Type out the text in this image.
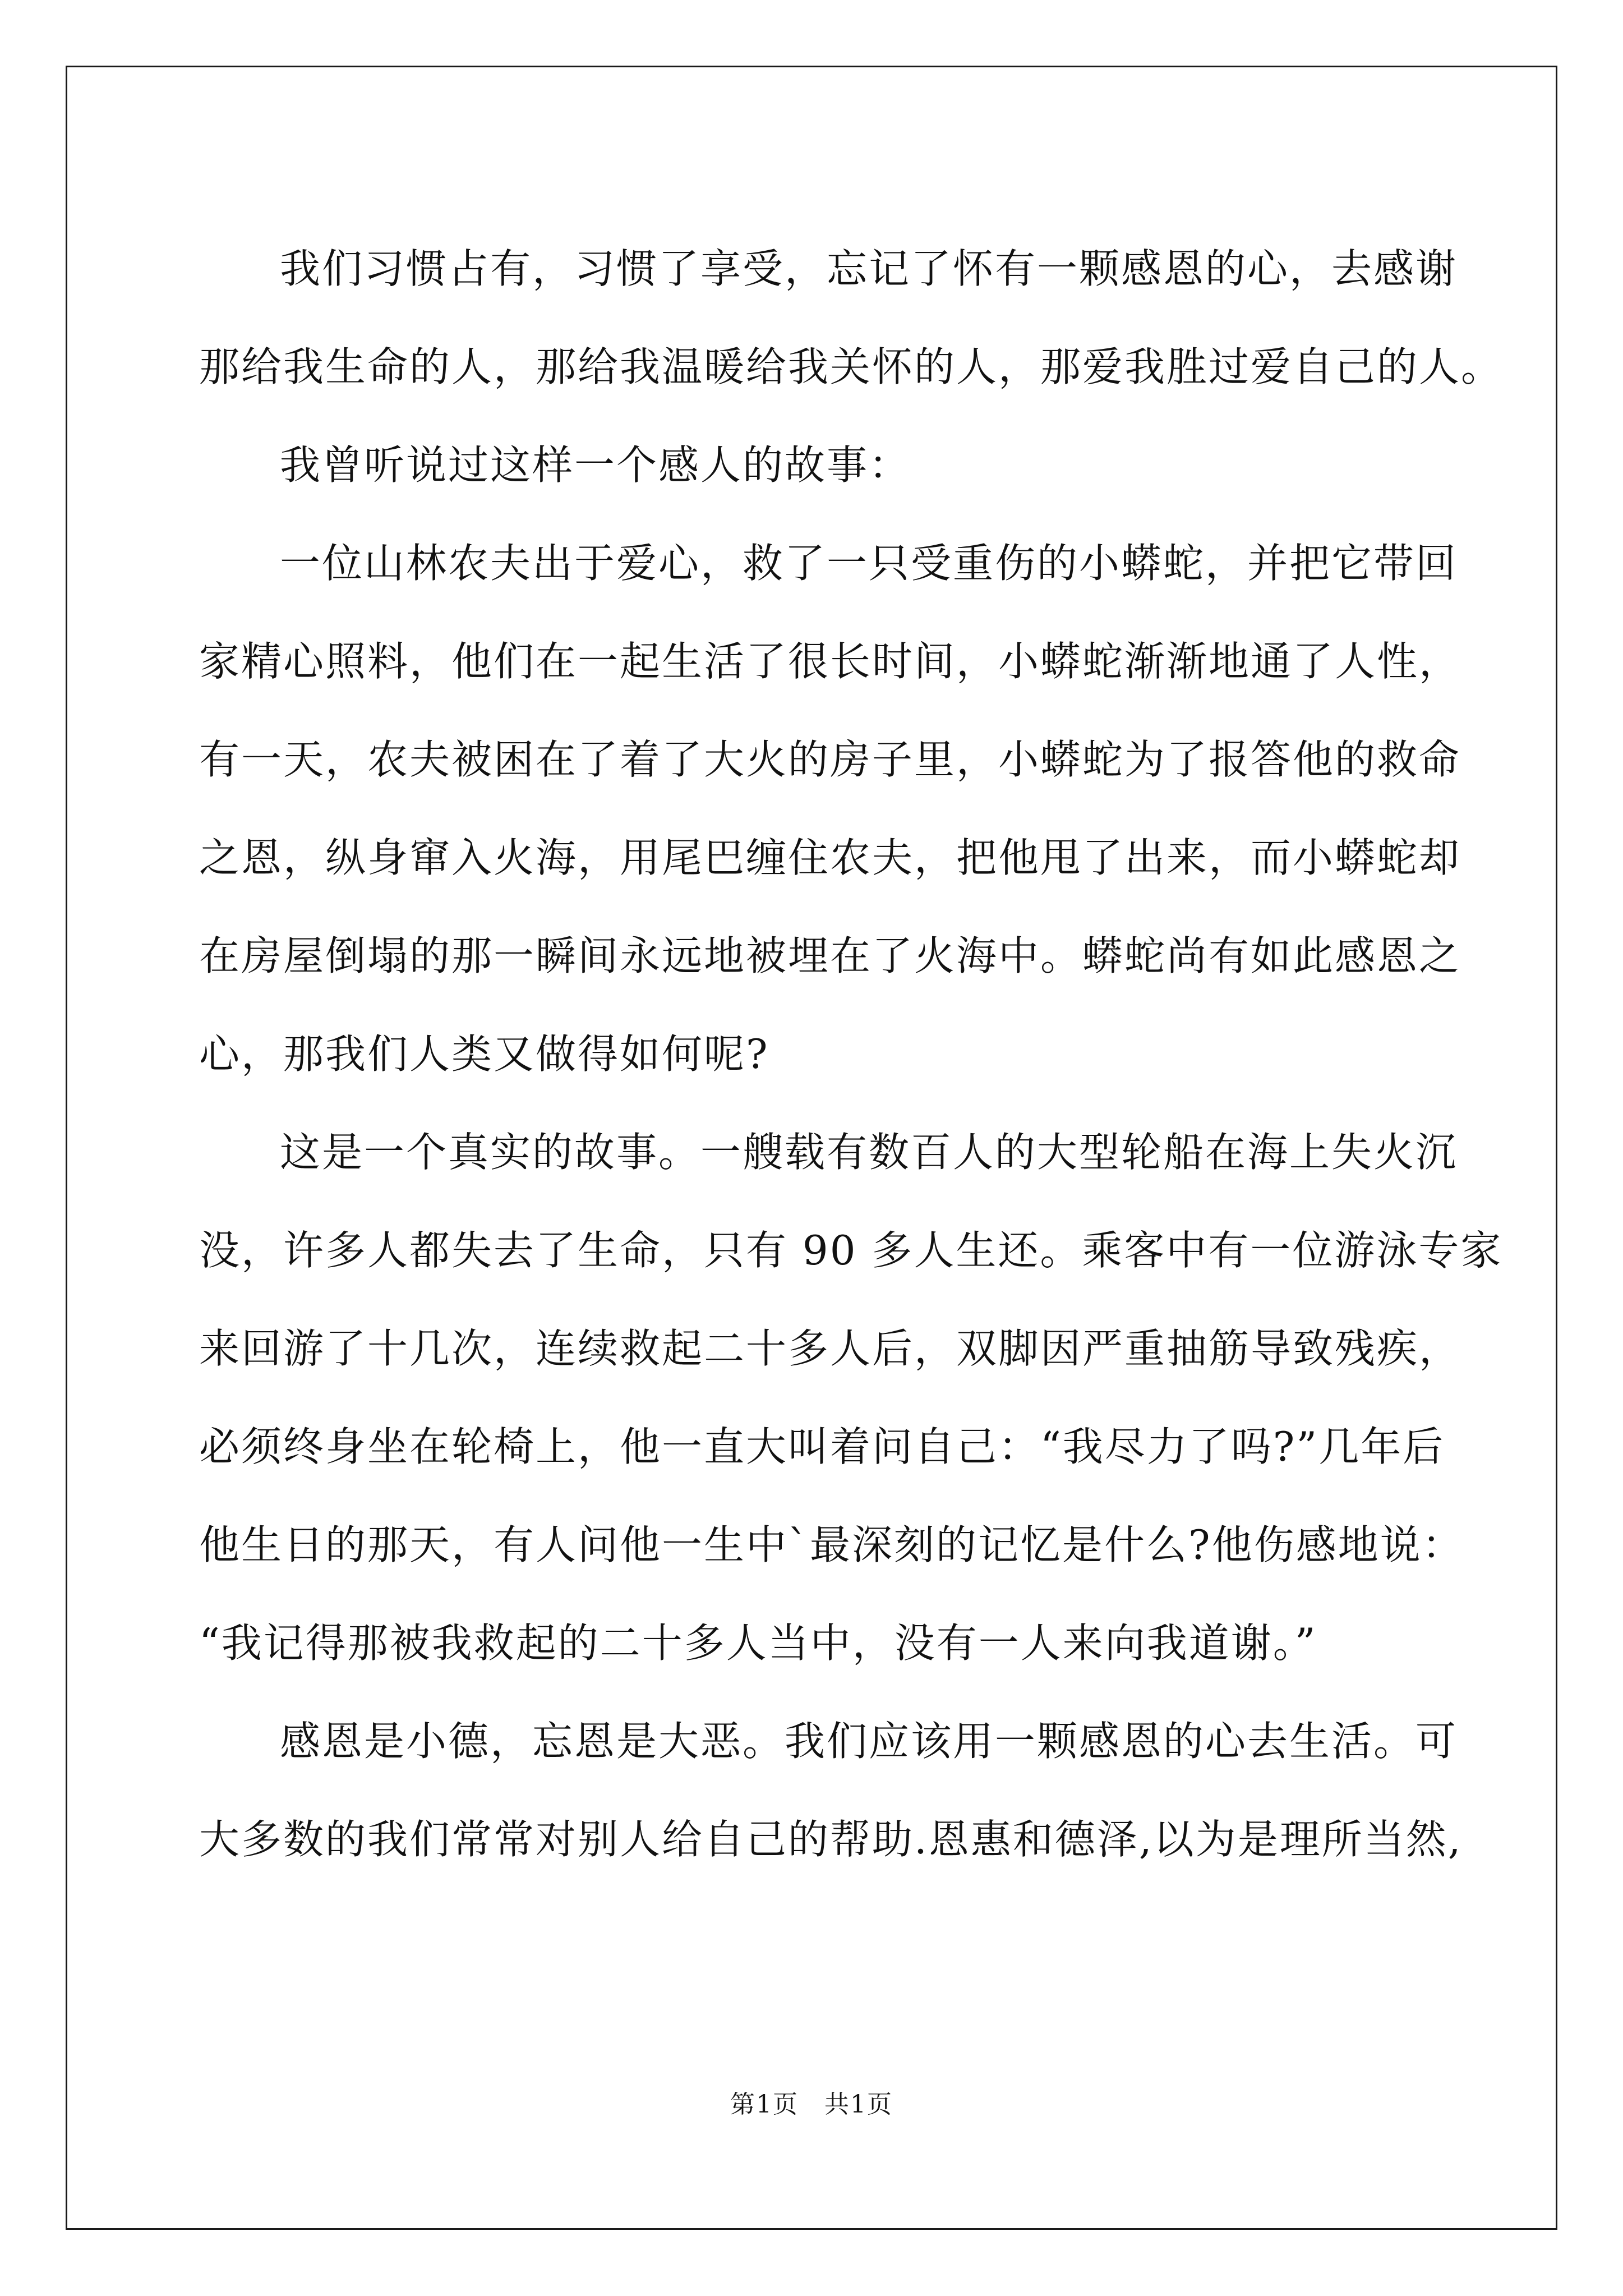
我们习惯占有，习惯了享受，忘记了怀有一颗感恩的心，去感谢
那给我生命的人，那给我温暖给我关怀的人，那爱我胜过爱自己的人。
我曾听说过这样一个感人的故事：
一位山林农夫出于爱心，救了一只受重伤的小蟒蛇，并把它带回
家精心照料，他们在一起生活了很长时间，小蟒蛇渐渐地通了人性，
有一天，农夫被困在了着了大火的房子里，小蟒蛇为了报答他的救命
之恩，纵身窜入火海，用尾巴缠住农夫，把他甩了出来，而小蟒蛇却
在房屋倒塌的那一瞬间永远地被埋在了火海中。蟒蛇尚有如此感恩之
心，那我们人类又做得如何呢?
这是一个真实的故事。一艘载有数百人的大型轮船在海上失火沉
没，许多人都失去了生命，只有 90 多人生还。乘客中有一位游泳专家
来回游了十几次，连续救起二十多人后，双脚因严重抽筋导致残疾，
必须终身坐在轮椅上，他一直大叫着问自己：“我尽力了吗?”几年后
他生日的那天，有人问他一生中`最深刻的记忆是什么?他伤感地说：
“我记得那被我救起的二十多人当中，没有一人来向我道谢。”
感恩是小德，忘恩是大恶。我们应该用一颗感恩的心去生活。可
大多数的我们常常对别人给自己的帮助.恩惠和德泽,以为是理所当然,
第1页　共1页
